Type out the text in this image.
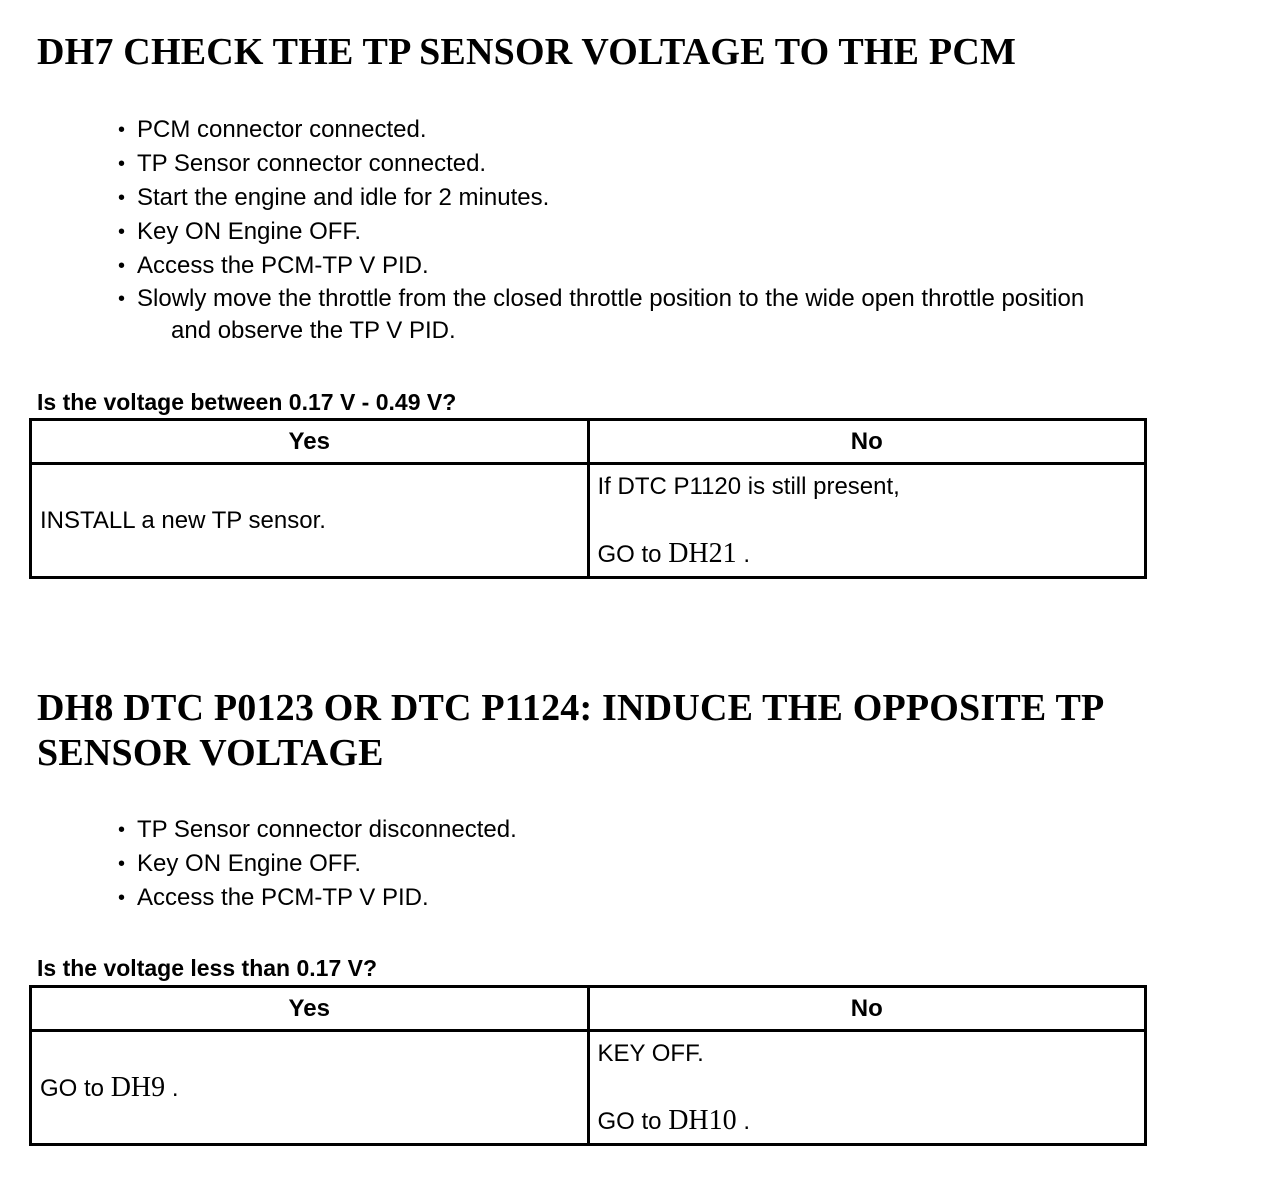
DH7 CHECK THE TP SENSOR VOLTAGE TO THE PCM
• PCM connector connected.
• TP Sensor connector connected.
• Start the engine and idle for 2 minutes.
• Key ON Engine OFF.
• Access the PCM-TP V PID.
• Slowly move the throttle from the closed throttle position to the wide open throttle position
and observe the TP V PID.

Is the voltage between 0.17 V - 0.49 V?

Yes	No
INSTALL a new TP sensor.	If DTC P1120 is still present,
GO to DH21 .
DH8 DTC P0123 OR DTC P1124: INDUCE THE OPPOSITE TP
SENSOR VOLTAGE
• TP Sensor connector disconnected.
• Key ON Engine OFF.
• Access the PCM-TP V PID.

Is the voltage less than 0.17 V?

Yes	No
GO to DH9 .	KEY OFF.
GO to DH10 .
